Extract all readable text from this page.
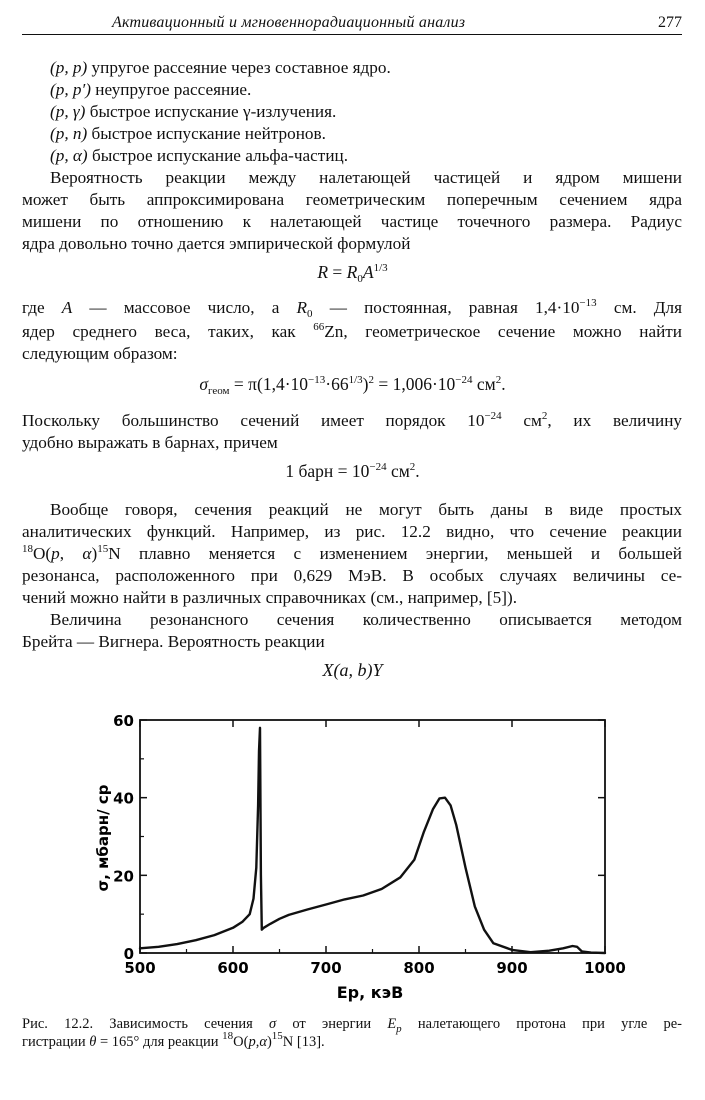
Активационный и мгновеннорадиационный анализ	277
(p, p) упругое рассеяние через составное ядро.
(p, p′) неупругое рассеяние.
(p, γ) быстрое испускание γ-излучения.
(p, n) быстрое испускание нейтронов.
(p, α) быстрое испускание альфа-частиц.
Вероятность реакции между налетающей частицей и ядром мишени
может быть аппроксимирована геометрическим поперечным сечением ядра
мишени по отношению к налетающей частице точечного размера. Радиус
ядра довольно точно дается эмпирической формулой
$R = R_0A^{1/3}$
где A — массовое число, а $R_0$ — постоянная, равная $1,4\cdot 10^{-13}$ см. Для
ядер среднего веса, таких, как $^{66}$Zn, геометрическое сечение можно найти
следующим образом:
$\sigma_{геом} = \pi(1,4\cdot 10^{-13}\cdot 66^{1/3})^2 = 1,006\cdot 10^{-24}$ $см^2$.
Поскольку большинство сечений имеет порядок $10^{-24}$ $см^2$, их величину
удобно выражать в барнах, причем
1 барн = $10^{-24}$ $см^2$.
Вообще говоря, сечения реакций не могут быть даны в виде простых
аналитических функций. Например, из рис. 12.2 видно, что сечение реакции
$^{18}$O(p, α)$^{15}$N плавно меняется с изменением энергии, меньшей и большей
резонанса, расположенного при 0,629 МэВ. В особых случаях величины се-
чений можно найти в различных справочниках (см., например, [5]).
Величина резонансного сечения количественно описывается методом
Брейта — Вигнера. Вероятность реакции
X(a, b)Y
500	600	700	800	900	1000
0
20
40
60
Ep, кэВ
σ, мбарн/ ср
Рис. 12.2. Зависимость сечения σ от энергии $E_p$ налетающего протона при угле ре-
гистрации θ = 165° для реакции $^{18}O(p,\alpha)^{15}N$ [13].
